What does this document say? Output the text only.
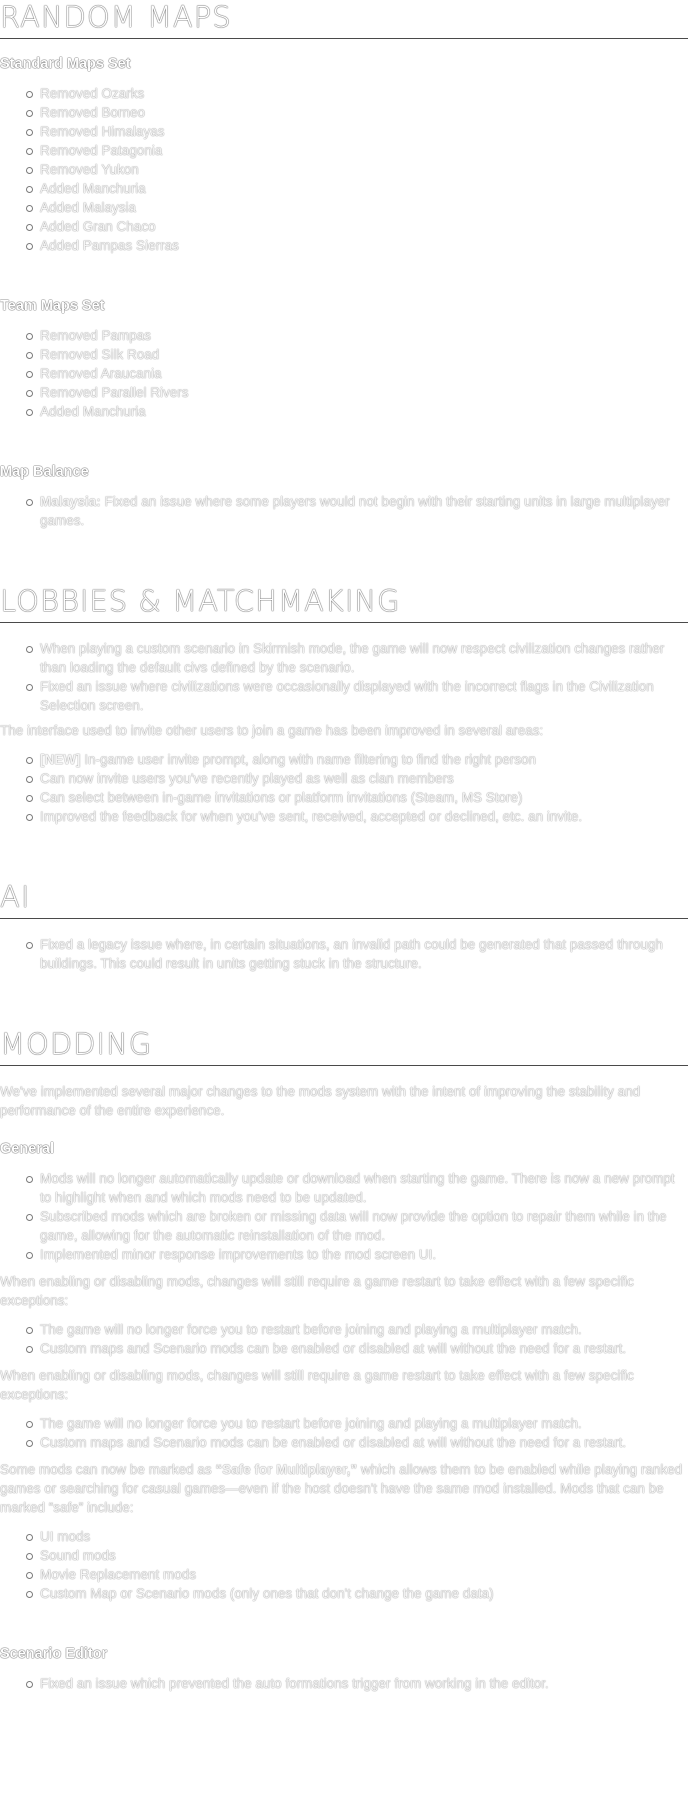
RANDOM MAPS
Standard Maps Set
Removed Ozarks
Removed Borneo
Removed Himalayas
Removed Patagonia
Removed Yukon
Added Manchuria
Added Malaysia
Added Gran Chaco
Added Pampas Sierras
Team Maps Set
Removed Pampas
Removed Silk Road
Removed Araucania
Removed Parallel Rivers
Added Manchuria
Map Balance
Malaysia: Fixed an issue where some players would not begin with their starting units in large multiplayer games.
LOBBIES & MATCHMAKING
When playing a custom scenario in Skirmish mode, the game will now respect civilization changes rather than loading the default civs defined by the scenario.
Fixed an issue where civilizations were occasionally displayed with the incorrect flags in the Civilization Selection screen.

The interface used to invite other users to join a game has been improved in several areas:

[NEW] In-game user invite prompt, along with name filtering to find the right person
Can now invite users you've recently played as well as clan members
Can select between in-game invitations or platform invitations (Steam, MS Store)
Improved the feedback for when you've sent, received, accepted or declined, etc. an invite.
AI
Fixed a legacy issue where, in certain situations, an invalid path could be generated that passed through buildings. This could result in units getting stuck in the structure.
MODDING

We've implemented several major changes to the mods system with the intent of improving the stability and performance of the entire experience.

General
Mods will no longer automatically update or download when starting the game. There is now a new prompt to highlight when and which mods need to be updated.
Subscribed mods which are broken or missing data will now provide the option to repair them while in the game, allowing for the automatic reinstallation of the mod.
Implemented minor response improvements to the mod screen UI.

When enabling or disabling mods, changes will still require a game restart to take effect with a few specific exceptions:

The game will no longer force you to restart before joining and playing a multiplayer match.
Custom maps and Scenario mods can be enabled or disabled at will without the need for a restart.

When enabling or disabling mods, changes will still require a game restart to take effect with a few specific exceptions:

The game will no longer force you to restart before joining and playing a multiplayer match.
Custom maps and Scenario mods can be enabled or disabled at will without the need for a restart.

Some mods can now be marked as “Safe for Multiplayer,” which allows them to be enabled while playing ranked games or searching for casual games—even if the host doesn't have the same mod installed. Mods that can be marked “safe” include:

UI mods
Sound mods
Movie Replacement mods
Custom Map or Scenario mods (only ones that don't change the game data)
Scenario Editor
Fixed an issue which prevented the auto formations trigger from working in the editor.
